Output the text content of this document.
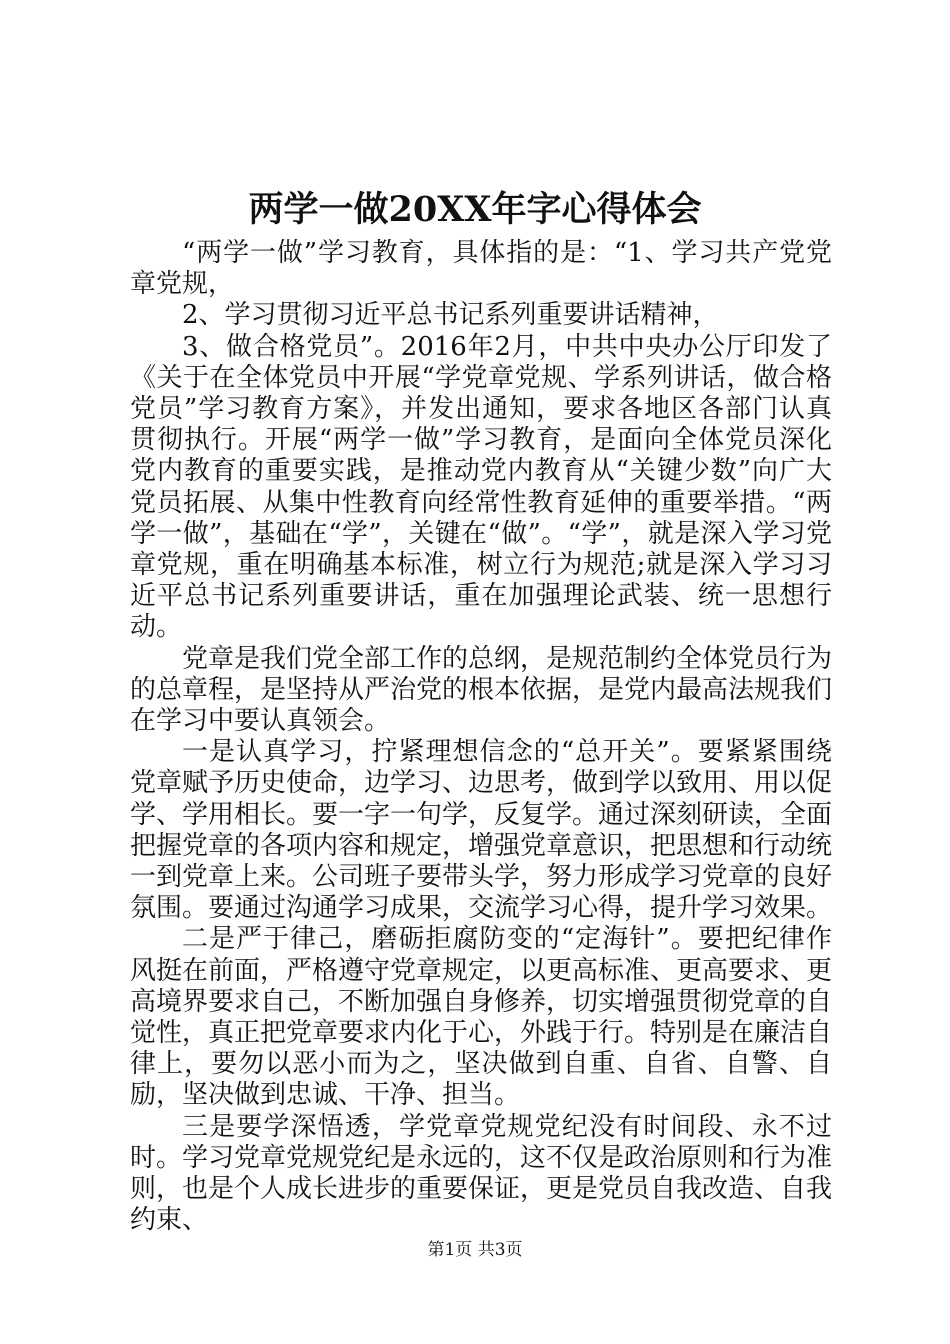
两学一做20XX年字心得体会

“两学一做”学习教育，具体指的是：“1、学习共产党党章党规，

2、学习贯彻习近平总书记系列重要讲话精神，

3、做合格党员”。2016年2月，中共中央办公厅印发了《关于在全体党员中开展“学党章党规、学系列讲话，做合格党员”学习教育方案》，并发出通知，要求各地区各部门认真贯彻执行。开展“两学一做”学习教育，是面向全体党员深化党内教育的重要实践，是推动党内教育从“关键少数”向广大党员拓展、从集中性教育向经常性教育延伸的重要举措。“两学一做”，基础在“学”，关键在“做”。“学”，就是深入学习党章党规，重在明确基本标准，树立行为规范;就是深入学习习近平总书记系列重要讲话，重在加强理论武装、统一思想行动。

党章是我们党全部工作的总纲，是规范制约全体党员行为的总章程，是坚持从严治党的根本依据，是党内最高法规我们在学习中要认真领会。

一是认真学习，拧紧理想信念的“总开关”。要紧紧围绕党章赋予历史使命，边学习、边思考，做到学以致用、用以促学、学用相长。要一字一句学，反复学。通过深刻研读，全面把握党章的各项内容和规定，增强党章意识，把思想和行动统一到党章上来。公司班子要带头学，努力形成学习党章的良好氛围。要通过沟通学习成果，交流学习心得，提升学习效果。

二是严于律己，磨砺拒腐防变的“定海针”。要把纪律作风挺在前面，严格遵守党章规定，以更高标准、更高要求、更高境界要求自己，不断加强自身修养，切实增强贯彻党章的自觉性，真正把党章要求内化于心，外践于行。特别是在廉洁自律上，要勿以恶小而为之，坚决做到自重、自省、自警、自励，坚决做到忠诚、干净、担当。

三是要学深悟透，学党章党规党纪没有时间段、永不过时。学习党章党规党纪是永远的，这不仅是政治原则和行为准则，也是个人成长进步的重要保证，更是党员自我改造、自我约束、

第1页 共3页
